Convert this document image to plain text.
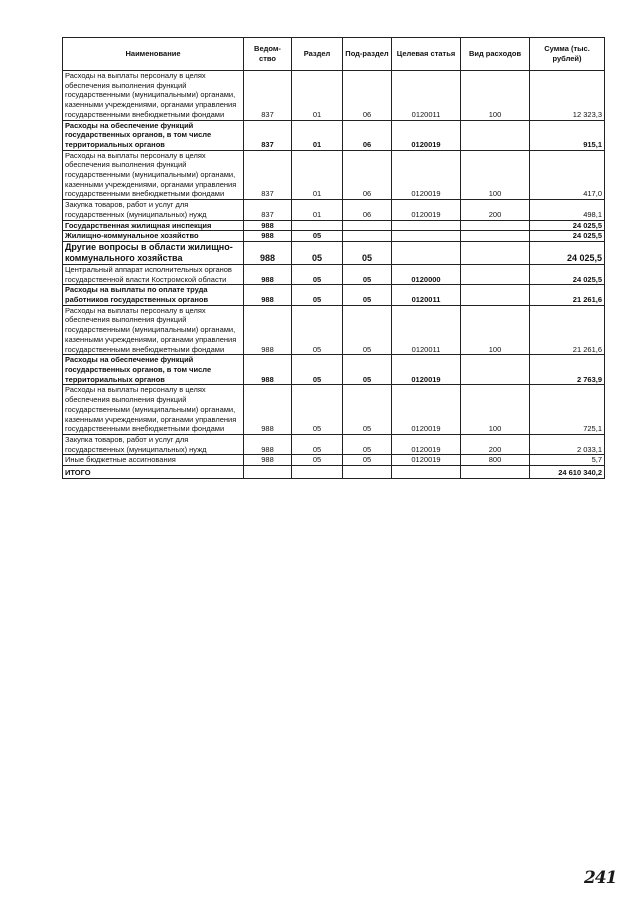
Наименование	Ведом-ство	Раздел	Под-раздел	Целевая статья	Вид расходов	Сумма (тыс. рублей)
Расходы на выплаты персоналу в целях обеспечения выполнения функций государственными (муниципальными) органами, казенными учреждениями, органами управления государственными внебюджетными фондами	837	01	06	0120011	100	12 323,3
Расходы на обеспечение функций государственных органов, в том числе территориальных органов	837	01	06	0120019		915,1
Расходы на выплаты персоналу в целях обеспечения выполнения функций государственными (муниципальными) органами, казенными учреждениями, органами управления государственными внебюджетными фондами	837	01	06	0120019	100	417,0
Закупка товаров, работ и услуг для государственных (муниципальных) нужд	837	01	06	0120019	200	498,1
Государственная жилищная инспекция	988					24 025,5
Жилищно-коммунальное хозяйство	988	05				24 025,5
Другие вопросы в области жилищно-коммунального хозяйства	988	05	05			24 025,5
Центральный аппарат исполнительных органов государственной власти Костромской области	988	05	05	0120000		24 025,5
Расходы на выплаты по оплате труда работников государственных органов	988	05	05	0120011		21 261,6
Расходы на выплаты персоналу в целях обеспечения выполнения функций государственными (муниципальными) органами, казенными учреждениями, органами управления государственными внебюджетными фондами	988	05	05	0120011	100	21 261,6
Расходы на обеспечение функций государственных органов, в том числе территориальных органов	988	05	05	0120019		2 763,9
Расходы на выплаты персоналу в целях обеспечения выполнения функций государственными (муниципальными) органами, казенными учреждениями, органами управления государственными внебюджетными фондами	988	05	05	0120019	100	725,1
Закупка товаров, работ и услуг для государственных (муниципальных) нужд	988	05	05	0120019	200	2 033,1
Иные бюджетные ассигнования	988	05	05	0120019	800	5,7
ИТОГО						24 610 340,2
241
